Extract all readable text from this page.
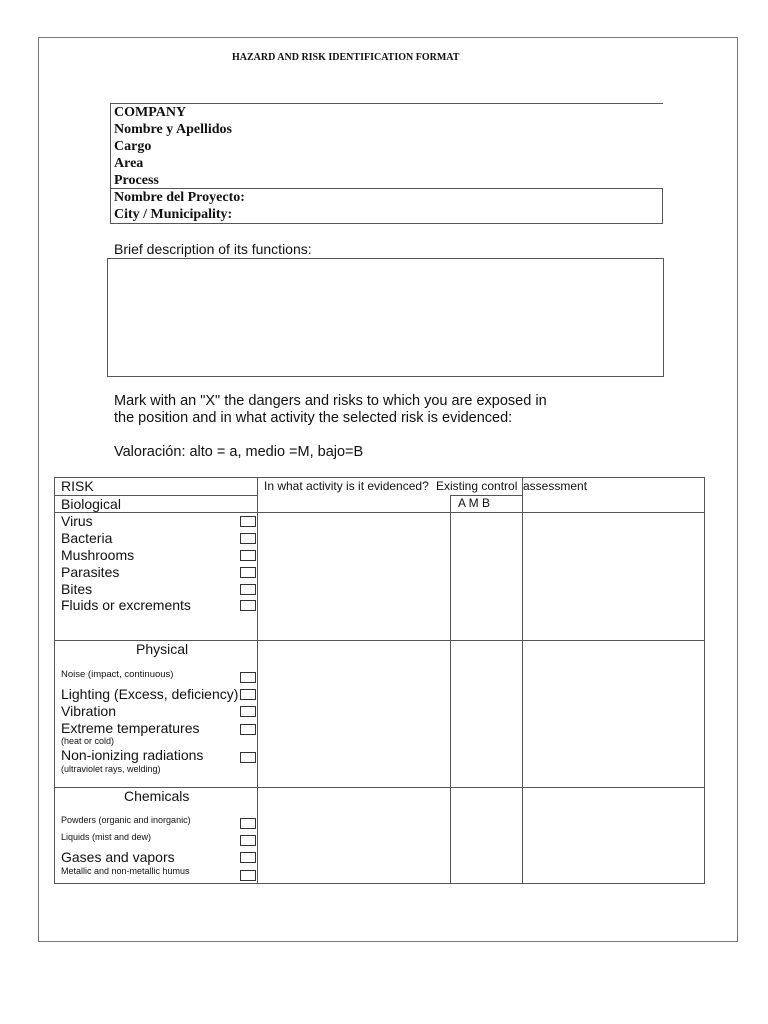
HAZARD AND RISK IDENTIFICATION FORMAT
COMPANY
Nombre y Apellidos
Cargo
Area
Process
Nombre del Proyecto:
City / Municipality:
Brief description of its functions:
Mark with an "X" the dangers and risks to which you are exposed in
the position and in what activity the selected risk is evidenced:
Valoración: alto = a, medio =M, bajo=B
RISK	In what activity is it evidenced? Existing control assessment
A M B
Biological
Virus
Bacteria
Mushrooms
Parasites
Bites
Fluids or excrements
Physical
Noise (impact, continuous)
Lighting (Excess, deficiency)
Vibration
Extreme temperatures
(heat or cold)
Non-ionizing radiations
(ultraviolet rays, welding)
Chemicals
Powders (organic and inorganic)
Liquids (mist and dew)
Gases and vapors
Metallic and non-metallic humus
